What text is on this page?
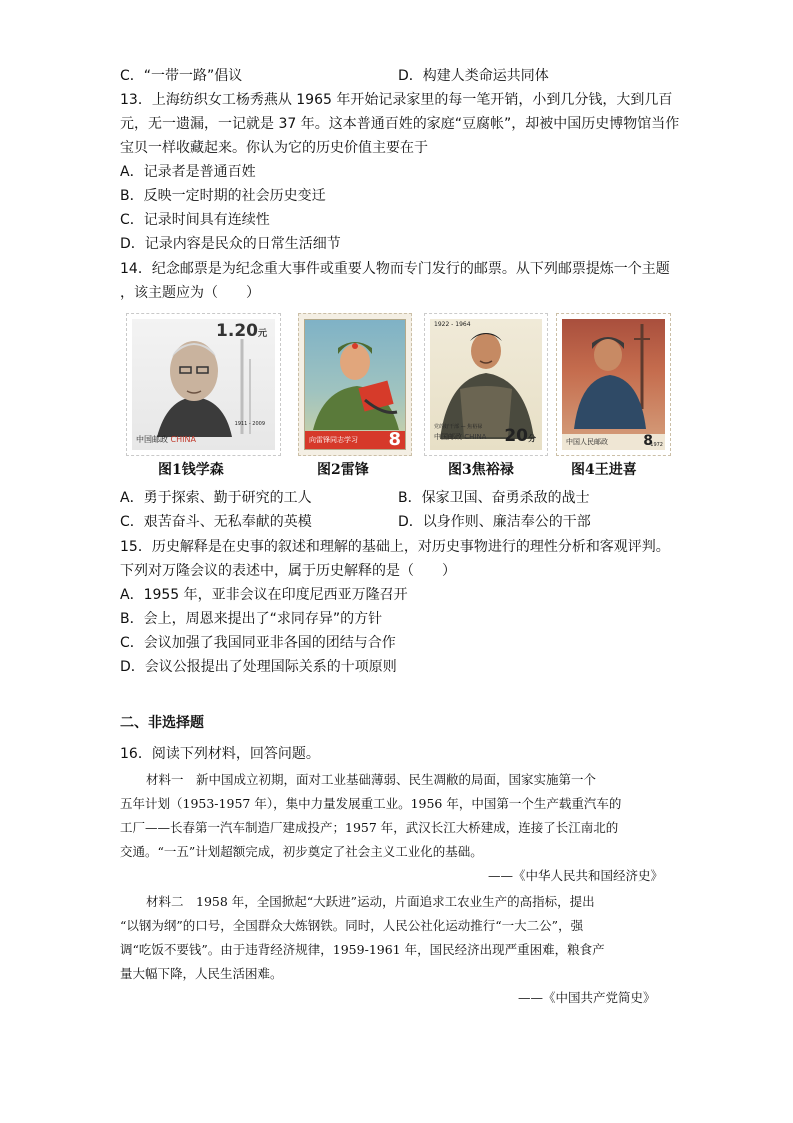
C．“一带一路”倡议	D．构建人类命运共同体
13．上海纺织女工杨秀燕从 1965 年开始记录家里的每一笔开销，小到几分钱，大到几百
元，无一遗漏，一记就是 37 年。这本普通百姓的家庭“豆腐帐”，却被中国历史博物馆当作
宝贝一样收藏起来。你认为它的历史价值主要在于
A．记录者是普通百姓
B．反映一定时期的社会历史变迁
C．记录时间具有连续性
D．记录内容是民众的日常生活细节
14．纪念邮票是为纪念重大事件或重要人物而专门发行的邮票。从下列邮票提炼一个主题
，该主题应为（　　）
1.20元
1911 - 2009
中国邮政 CHINA	向雷锋同志学习 8
1922 - 1964
党的好干部 — 焦裕禄
中国邮政 CHINA 20分	中国人民邮政	8
1972
图1钱学森	图2雷锋	图3焦裕禄	图4王进喜
A．勇于探索、勤于研究的工人	B．保家卫国、奋勇杀敌的战士
C．艰苦奋斗、无私奉献的英模	D．以身作则、廉洁奉公的干部
15．历史解释是在史事的叙述和理解的基础上，对历史事物进行的理性分析和客观评判。
下列对万隆会议的表述中，属于历史解释的是（　　）
A．1955 年，亚非会议在印度尼西亚万隆召开
B．会上，周恩来提出了“求同存异”的方针
C．会议加强了我国同亚非各国的团结与合作
D．会议公报提出了处理国际关系的十项原则
二、非选择题
16．阅读下列材料，回答问题。
材料一　新中国成立初期，面对工业基础薄弱、民生凋敝的局面，国家实施第一个
五年计划（1953-1957 年），集中力量发展重工业。1956 年，中国第一个生产载重汽车的
工厂——长春第一汽车制造厂建成投产；1957 年，武汉长江大桥建成，连接了长江南北的
交通。“一五”计划超额完成，初步奠定了社会主义工业化的基础。
——《中华人民共和国经济史》
材料二　1958 年，全国掀起“大跃进”运动，片面追求工农业生产的高指标，提出
“以钢为纲”的口号，全国群众大炼钢铁。同时，人民公社化运动推行“一大二公”，强
调“吃饭不要钱”。由于违背经济规律，1959-1961 年，国民经济出现严重困难，粮食产
量大幅下降，人民生活困难。
——《中国共产党简史》
